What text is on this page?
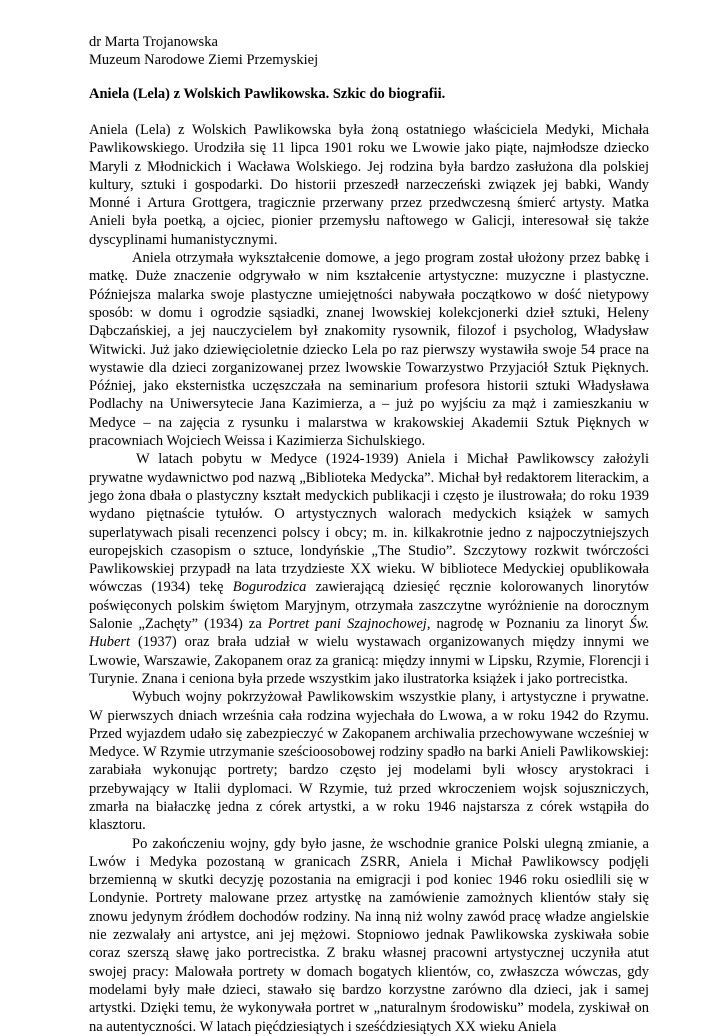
dr Marta Trojanowska
Muzeum Narodowe Ziemi Przemyskiej
Aniela (Lela) z Wolskich Pawlikowska. Szkic do biografii.

Aniela (Lela) z Wolskich Pawlikowska była żoną ostatniego właściciela Medyki, Michała Pawlikowskiego. Urodziła się 11 lipca 1901 roku we Lwowie jako piąte, najmłodsze dziecko Maryli z Młodnickich i Wacława Wolskiego. Jej rodzina była bardzo zasłużona dla polskiej kultury, sztuki i gospodarki. Do historii przeszedł narzeczeński związek jej babki, Wandy Monné i Artura Grottgera, tragicznie przerwany przez przedwczesną śmierć artysty. Matka Anieli była poetką, a ojciec, pionier przemysłu naftowego w Galicji, interesował się także dyscyplinami humanistycznymi.

Aniela otrzymała wykształcenie domowe, a jego program został ułożony przez babkę i matkę. Duże znaczenie odgrywało w nim kształcenie artystyczne: muzyczne i plastyczne. Późniejsza malarka swoje plastyczne umiejętności nabywała początkowo w dość nietypowy sposób: w domu i ogrodzie sąsiadki, znanej lwowskiej kolekcjonerki dzieł sztuki, Heleny Dąbczańskiej, a jej nauczycielem był znakomity rysownik, filozof i psycholog, Władysław Witwicki. Już jako dziewięcioletnie dziecko Lela po raz pierwszy wystawiła swoje 54 prace na wystawie dla dzieci zorganizowanej przez lwowskie Towarzystwo Przyjaciół Sztuk Pięknych. Później, jako eksternistka uczęszczała na seminarium profesora historii sztuki Władysława Podlachy na Uniwersytecie Jana Kazimierza, a – już po wyjściu za mąż i zamieszkaniu w Medyce – na zajęcia z rysunku i malarstwa w krakowskiej Akademii Sztuk Pięknych w pracowniach Wojciech Weissa i Kazimierza Sichulskiego.

W latach pobytu w Medyce (1924-1939) Aniela i Michał Pawlikowscy założyli prywatne wydawnictwo pod nazwą „Biblioteka Medycka”. Michał był redaktorem literackim, a jego żona dbała o plastyczny kształt medyckich publikacji i często je ilustrowała; do roku 1939 wydano piętnaście tytułów. O artystycznych walorach medyckich książek w samych superlatywach pisali recenzenci polscy i obcy; m. in. kilkakrotnie jedno z najpoczytniejszych europejskich czasopism o sztuce, londyńskie „The Studio”. Szczytowy rozkwit twórczości Pawlikowskiej przypadł na lata trzydzieste XX wieku. W bibliotece Medyckiej opublikowała wówczas (1934) tekę Bogurodzica zawierającą dziesięć ręcznie kolorowanych linorytów poświęconych polskim świętom Maryjnym, otrzymała zaszczytne wyróżnienie na dorocznym Salonie „Zachęty” (1934) za Portret pani Szajnochowej, nagrodę w Poznaniu za linoryt Św. Hubert (1937) oraz brała udział w wielu wystawach organizowanych między innymi we Lwowie, Warszawie, Zakopanem oraz za granicą: między innymi w Lipsku, Rzymie, Florencji i Turynie. Znana i ceniona była przede wszystkim jako ilustratorka książek i jako portrecistka.

Wybuch wojny pokrzyżował Pawlikowskim wszystkie plany, i artystyczne i prywatne. W pierwszych dniach września cała rodzina wyjechała do Lwowa, a w roku 1942 do Rzymu. Przed wyjazdem udało się zabezpieczyć w Zakopanem archiwalia przechowywane wcześniej w Medyce. W Rzymie utrzymanie sześcioosobowej rodziny spadło na barki Anieli Pawlikowskiej: zarabiała wykonując portrety; bardzo często jej modelami byli włoscy arystokraci i przebywający w Italii dyplomaci. W Rzymie, tuż przed wkroczeniem wojsk sojuszniczych, zmarła na białaczkę jedna z córek artystki, a w roku 1946 najstarsza z córek wstąpiła do klasztoru.

Po zakończeniu wojny, gdy było jasne, że wschodnie granice Polski ulegną zmianie, a Lwów i Medyka pozostaną w granicach ZSRR, Aniela i Michał Pawlikowscy podjęli brzemienną w skutki decyzję pozostania na emigracji i pod koniec 1946 roku osiedlili się w Londynie. Portrety malowane przez artystkę na zamówienie zamożnych klientów stały się znowu jedynym źródłem dochodów rodziny. Na inną niż wolny zawód pracę władze angielskie nie zezwalały ani artystce, ani jej mężowi. Stopniowo jednak Pawlikowska zyskiwała sobie coraz szerszą sławę jako portrecistka. Z braku własnej pracowni artystycznej uczyniła atut swojej pracy: Malowała portrety w domach bogatych klientów, co, zwłaszcza wówczas, gdy modelami były małe dzieci, stawało się bardzo korzystne zarówno dla dzieci, jak i samej artystki. Dzięki temu, że wykonywała portret w „naturalnym środowisku” modela, zyskiwał on na autentyczności. W latach pięćdziesiątych i sześćdziesiątych XX wieku Aniela
